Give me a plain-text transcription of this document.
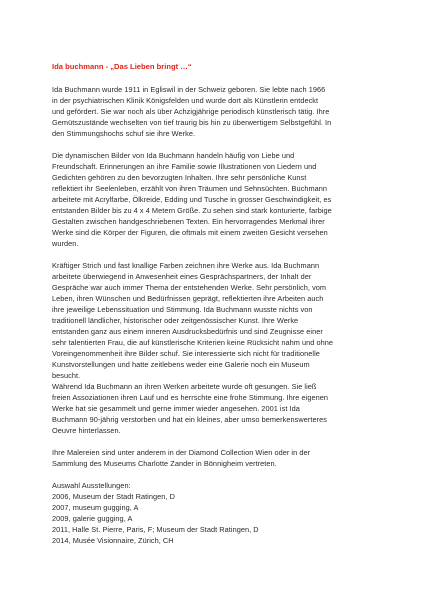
Ida buchmann - „Das Lieben bringt …“
Ida Buchmann wurde 1911 in Egliswil in der Schweiz geboren. Sie lebte nach 1966
in der psychiatrischen Klinik Königsfelden und wurde dort als Künstlerin entdeckt
und gefördert. Sie war noch als über Achzigjährige periodisch künstlerisch tätig. Ihre
Gemütszustände wechselten von tief traurig bis hin zu überwertigem Selbstgefühl. In
den Stimmungshochs schuf sie ihre Werke.
Die dynamischen Bilder von Ida Buchmann handeln häufig von Liebe und
Freundschaft. Erinnerungen an ihre Familie sowie Illustrationen von Liedern und
Gedichten gehören zu den bevorzugten Inhalten. Ihre sehr persönliche Kunst
reflektiert ihr Seelenleben, erzählt von ihren Träumen und Sehnsüchten. Buchmann
arbeitete mit Acrylfarbe, Ölkreide, Edding und Tusche in grosser Geschwindigkeit, es
entstanden Bilder bis zu 4 x 4 Metern Größe. Zu sehen sind stark konturierte, farbige
Gestalten zwischen handgeschriebenen Texten. Ein hervorragendes Merkmal ihrer
Werke sind die Körper der Figuren, die oftmals mit einem zweiten Gesicht versehen
wurden.
Kräftiger Strich und fast knallige Farben zeichnen ihre Werke aus. Ida Buchmann
arbeitete überwiegend in Anwesenheit eines Gesprächspartners, der Inhalt der
Gespräche war auch immer Thema der entstehenden Werke. Sehr persönlich, vom
Leben, ihren Wünschen und Bedürfnissen geprägt, reflektierten ihre Arbeiten auch
ihre jeweilige Lebenssituation und Stimmung. Ida Buchmann wusste nichts von
traditionell ländlicher, historischer oder zeitgenössischer Kunst. Ihre Werke
entstanden ganz aus einem inneren Ausdrucksbedürfnis und sind Zeugnisse einer
sehr talentierten Frau, die auf künstlerische Kriterien keine Rücksicht nahm und ohne
Voreingenommenheit ihre Bilder schuf. Sie interessierte sich nicht für traditionelle
Kunstvorstellungen und hatte zeitlebens weder eine Galerie noch ein Museum
besucht.
Während Ida Buchmann an ihren Werken arbeitete wurde oft gesungen. Sie ließ
freien Assoziationen ihren Lauf und es herrschte eine frohe Stimmung. Ihre eigenen
Werke hat sie gesammelt und gerne immer wieder angesehen. 2001 ist Ida
Buchmann 90-jährig verstorben und hat ein kleines, aber umso bemerkenswerteres
Oeuvre hinterlassen.
Ihre Malereien sind unter anderem in der Diamond Collection Wien oder in der
Sammlung des Museums Charlotte Zander in Bönnigheim vertreten.
Auswahl Ausstellungen:
2006, Museum der Stadt Ratingen, D
2007, museum gugging, A
2009, galerie gugging, A
2011, Halle St. Pierre, Paris, F; Museum der Stadt Ratingen, D
2014, Musée Visionnaire, Zürich, CH
